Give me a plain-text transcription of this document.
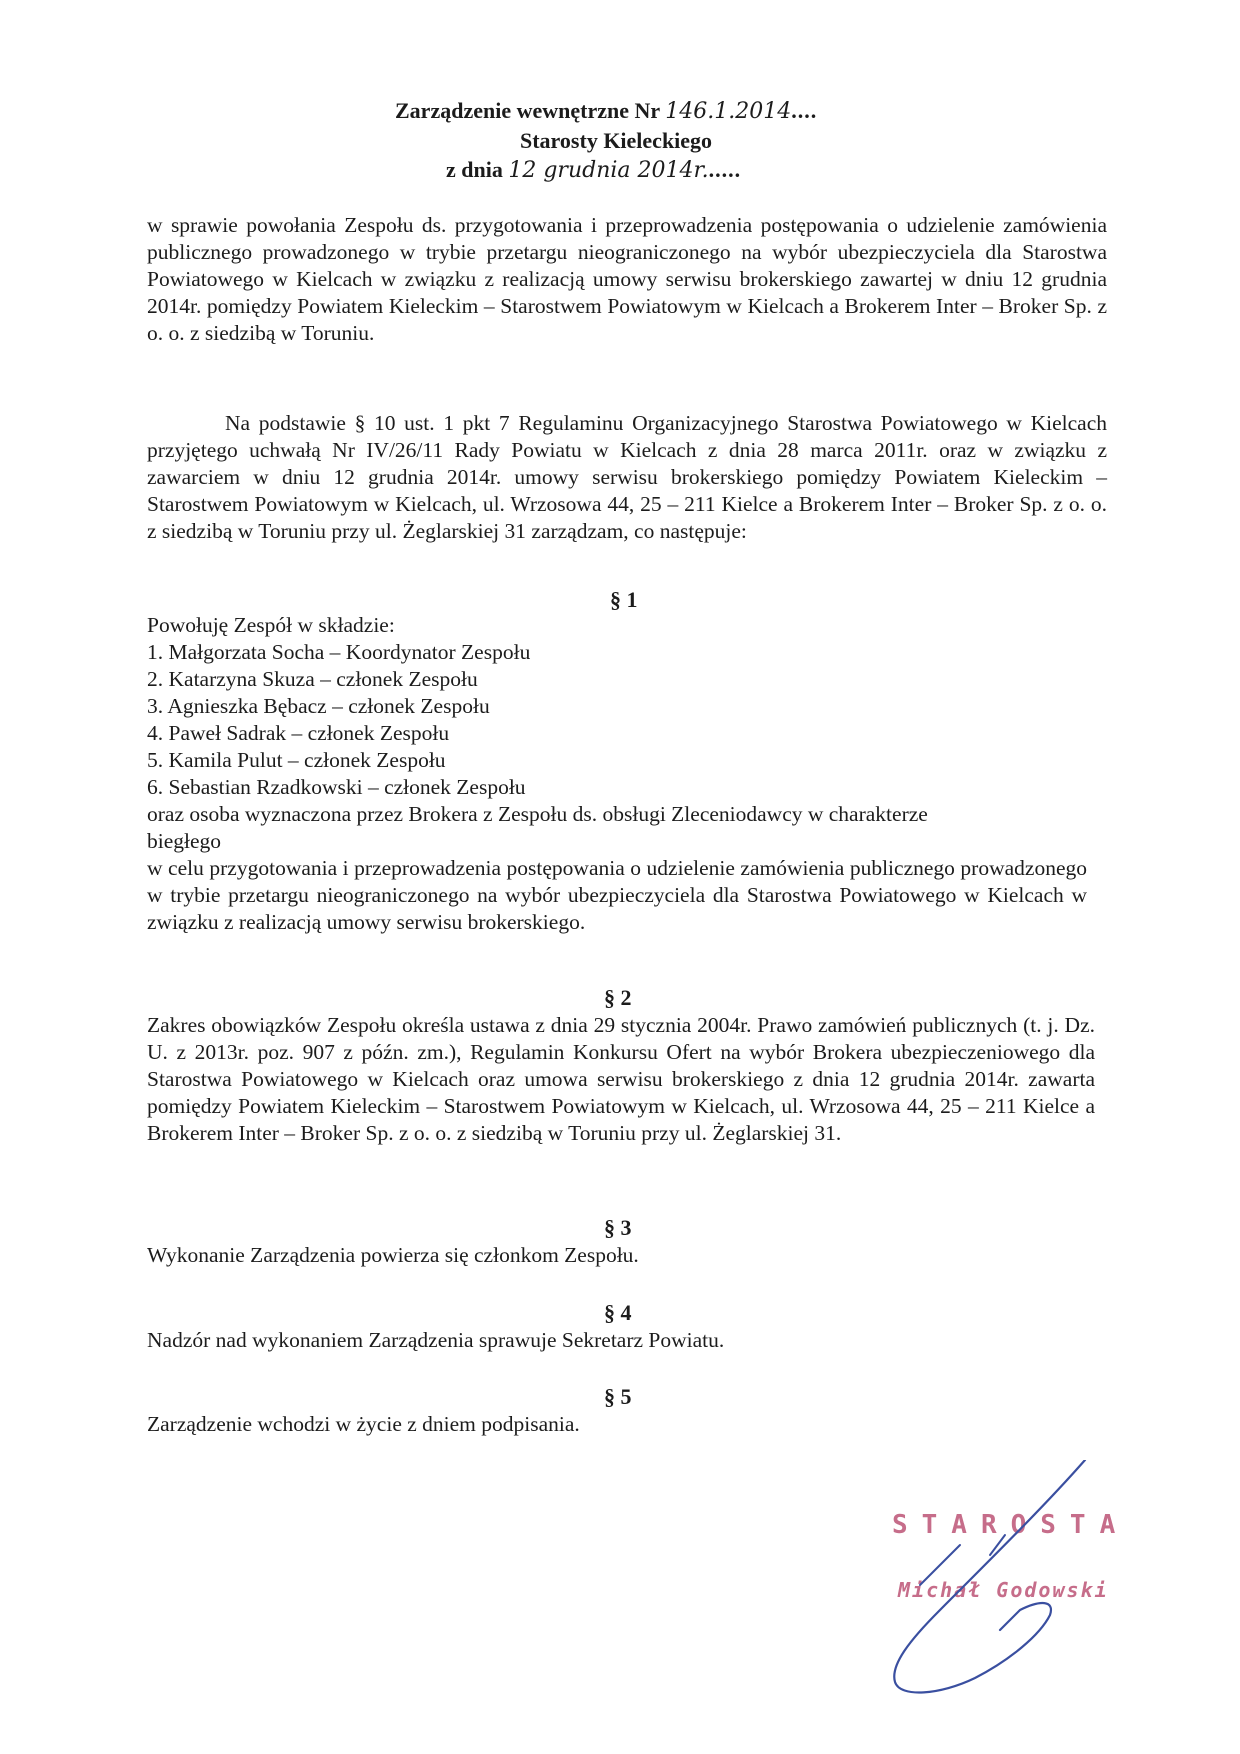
Zarządzenie wewnętrzne Nr 146.1.2014....
Starosty Kieleckiego
z dnia 12 grudnia 2014r......
w sprawie powołania Zespołu ds. przygotowania i przeprowadzenia postępowania o udzielenie zamówienia publicznego prowadzonego w trybie przetargu nieograniczonego na wybór ubezpieczyciela dla Starostwa Powiatowego w Kielcach w związku z realizacją umowy serwisu brokerskiego zawartej w dniu 12 grudnia 2014r. pomiędzy Powiatem Kieleckim – Starostwem Powiatowym w Kielcach a Brokerem Inter – Broker Sp. z o. o. z siedzibą w Toruniu.
Na podstawie § 10 ust. 1 pkt 7 Regulaminu Organizacyjnego Starostwa Powiatowego w Kielcach przyjętego uchwałą Nr IV/26/11 Rady Powiatu w Kielcach z dnia 28 marca 2011r. oraz w związku z zawarciem w dniu 12 grudnia 2014r. umowy serwisu brokerskiego pomiędzy Powiatem Kieleckim – Starostwem Powiatowym w Kielcach, ul. Wrzosowa 44, 25 – 211 Kielce a Brokerem Inter – Broker Sp. z o. o. z siedzibą w Toruniu przy ul. Żeglarskiej 31 zarządzam, co następuje:
§ 1
Powołuję Zespół w składzie:
1. Małgorzata Socha – Koordynator Zespołu
2. Katarzyna Skuza – członek Zespołu
3. Agnieszka Bębacz – członek Zespołu
4. Paweł Sadrak – członek Zespołu
5. Kamila Pulut – członek Zespołu
6. Sebastian Rzadkowski – członek Zespołu
oraz osoba wyznaczona przez Brokera z Zespołu ds. obsługi Zleceniodawcy w charakterze
biegłego
w celu przygotowania i przeprowadzenia postępowania o udzielenie zamówienia publicznego prowadzonego w trybie przetargu nieograniczonego na wybór ubezpieczyciela dla Starostwa Powiatowego w Kielcach w związku z realizacją umowy serwisu brokerskiego.
§ 2
Zakres obowiązków Zespołu określa ustawa z dnia 29 stycznia 2004r. Prawo zamówień publicznych (t. j. Dz. U. z 2013r. poz. 907 z późn. zm.), Regulamin Konkursu Ofert na wybór Brokera ubezpieczeniowego dla Starostwa Powiatowego w Kielcach oraz umowa serwisu brokerskiego z dnia 12 grudnia 2014r. zawarta pomiędzy Powiatem Kieleckim – Starostwem Powiatowym w Kielcach, ul. Wrzosowa 44, 25 – 211 Kielce a Brokerem Inter – Broker Sp. z o. o. z siedzibą w Toruniu przy ul. Żeglarskiej 31.
§ 3
Wykonanie Zarządzenia powierza się członkom Zespołu.
§ 4
Nadzór nad wykonaniem Zarządzenia sprawuje Sekretarz Powiatu.
§ 5
Zarządzenie wchodzi w życie z dniem podpisania.
STAROSTA
Michał Godowski
